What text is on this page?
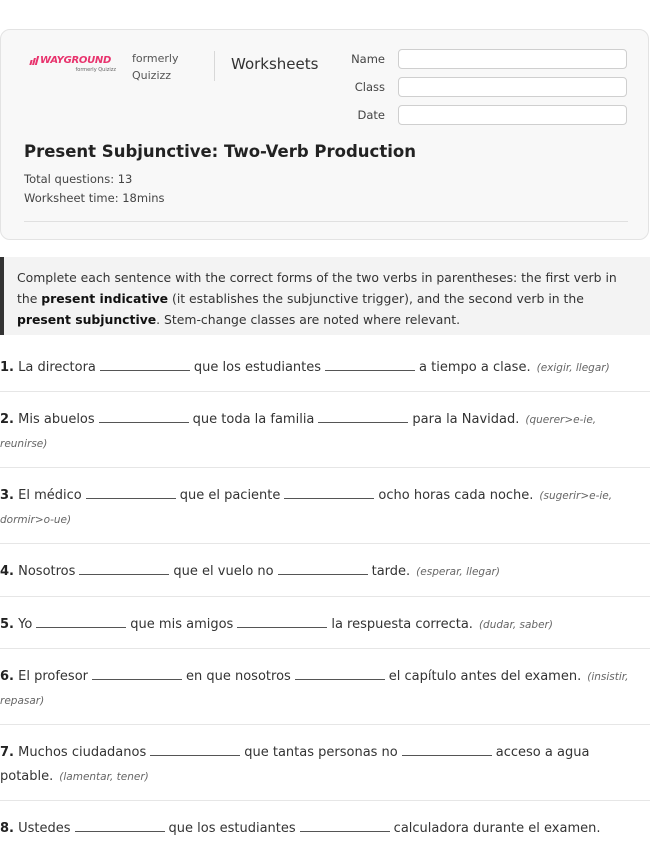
WAYGROUND
formerly Quizizz
formerly Quizizz
Worksheets	Name
Class
Date
Present Subjunctive: Two-Verb Production
Total questions: 13
Worksheet time: 18mins
Complete each sentence with the correct forms of the two verbs in parentheses: the first verb in the present indicative (it establishes the subjunctive trigger), and the second verb in the present subjunctive. Stem-change classes are noted where relevant.
1. La directora	que los estudiantes	a tiempo a clase. (exigir, llegar)
2. Mis abuelos	que toda la familia	para la Navidad. (querer>e-ie, reunirse)
3. El médico	que el paciente	ocho horas cada noche. (sugerir>e-ie, dormir>o-ue)
4. Nosotros	que el vuelo no	tarde. (esperar, llegar)
5. Yo	que mis amigos	la respuesta correcta. (dudar, saber)
6. El profesor	en que nosotros	el capítulo antes del examen. (insistir, repasar)
7. Muchos ciudadanos	que tantas personas no	acceso a agua potable. (lamentar, tener)
8. Ustedes	que los estudiantes	calculadora durante el examen.
